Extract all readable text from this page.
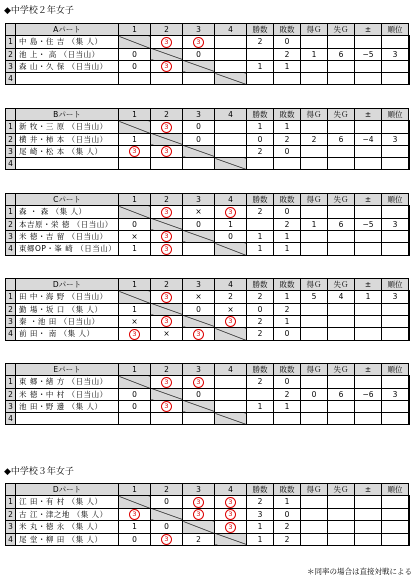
◆中学校２年女子
	Aパート	1	2	3	4	勝数	敗数	得Ｇ	失Ｇ	±	順位	
1	中 島・住 吉 （集 人）		3	3		2	0					
2	池 上・ 高 （日当山）	0		0			2	1	6	−5	3	
3	森 山・久 保 （日当山）	0	3			1	1					
4												
	Bパート	1	2	3	4	勝数	敗数	得Ｇ	失Ｇ	±	順位	
1	新 牧・三 原 （日当山）		3	0		1	1					
2	横 井・柿 本 （日当山）	1		0		0	2	2	6	−4	3	
3	尾 崎・松 本 （集 人）	3	3			2	0					
4												
	Cパート	1	2	3	4	勝数	敗数	得Ｇ	失Ｇ	±	順位	
1	森 ・ 森 （集 人）		3	×	3	2	0					
2	本吉原・栄 徳 （日当山）	0		0	1		2	1	6	−5	3	
3	米 徳・吉 留 （日当山）	×	3		0	1	1					
4	東郷OP・峯 崎 （日当山）	1	3			1	1					
	Dパート	1	2	3	4	勝数	敗数	得Ｇ	失Ｇ	±	順位	
1	田 中・海 野 （日当山）		3	×	2	2	1	5	4	1	3	
2	勤 場・坂 口 （集 人）	1		0	×	0	2					
3	秦 ・池 田 （日当山）	×	3		3	2	1					
4	前 田・ 南 （集 人）	3	×	3		2	0					
	Eパート	1	2	3	4	勝数	敗数	得Ｇ	失Ｇ	±	順位	
1	東 郷・緒 方 （日当山）		3	3		2	0					
2	米 徳・中 村 （日当山）	0		0			2	0	6	−6	3	
3	池 田・野 邊 （集 人）	0	3			1	1					
4												
◆中学校３年女子
	Dパート	1	2	3	4	勝数	敗数	得Ｇ	失Ｇ	±	順位	
1	江 田・有 村 （集 人）		0	3	3	2	1					
2	古 江・津之地 （集 人）	3		3	3	3	0					
3	米 丸・徳 永 （集 人）	1	0		3	1	2					
4	尾 堂・柳 田 （集 人）	0	3	2		1	2					
＊同率の場合は直接対戦による
